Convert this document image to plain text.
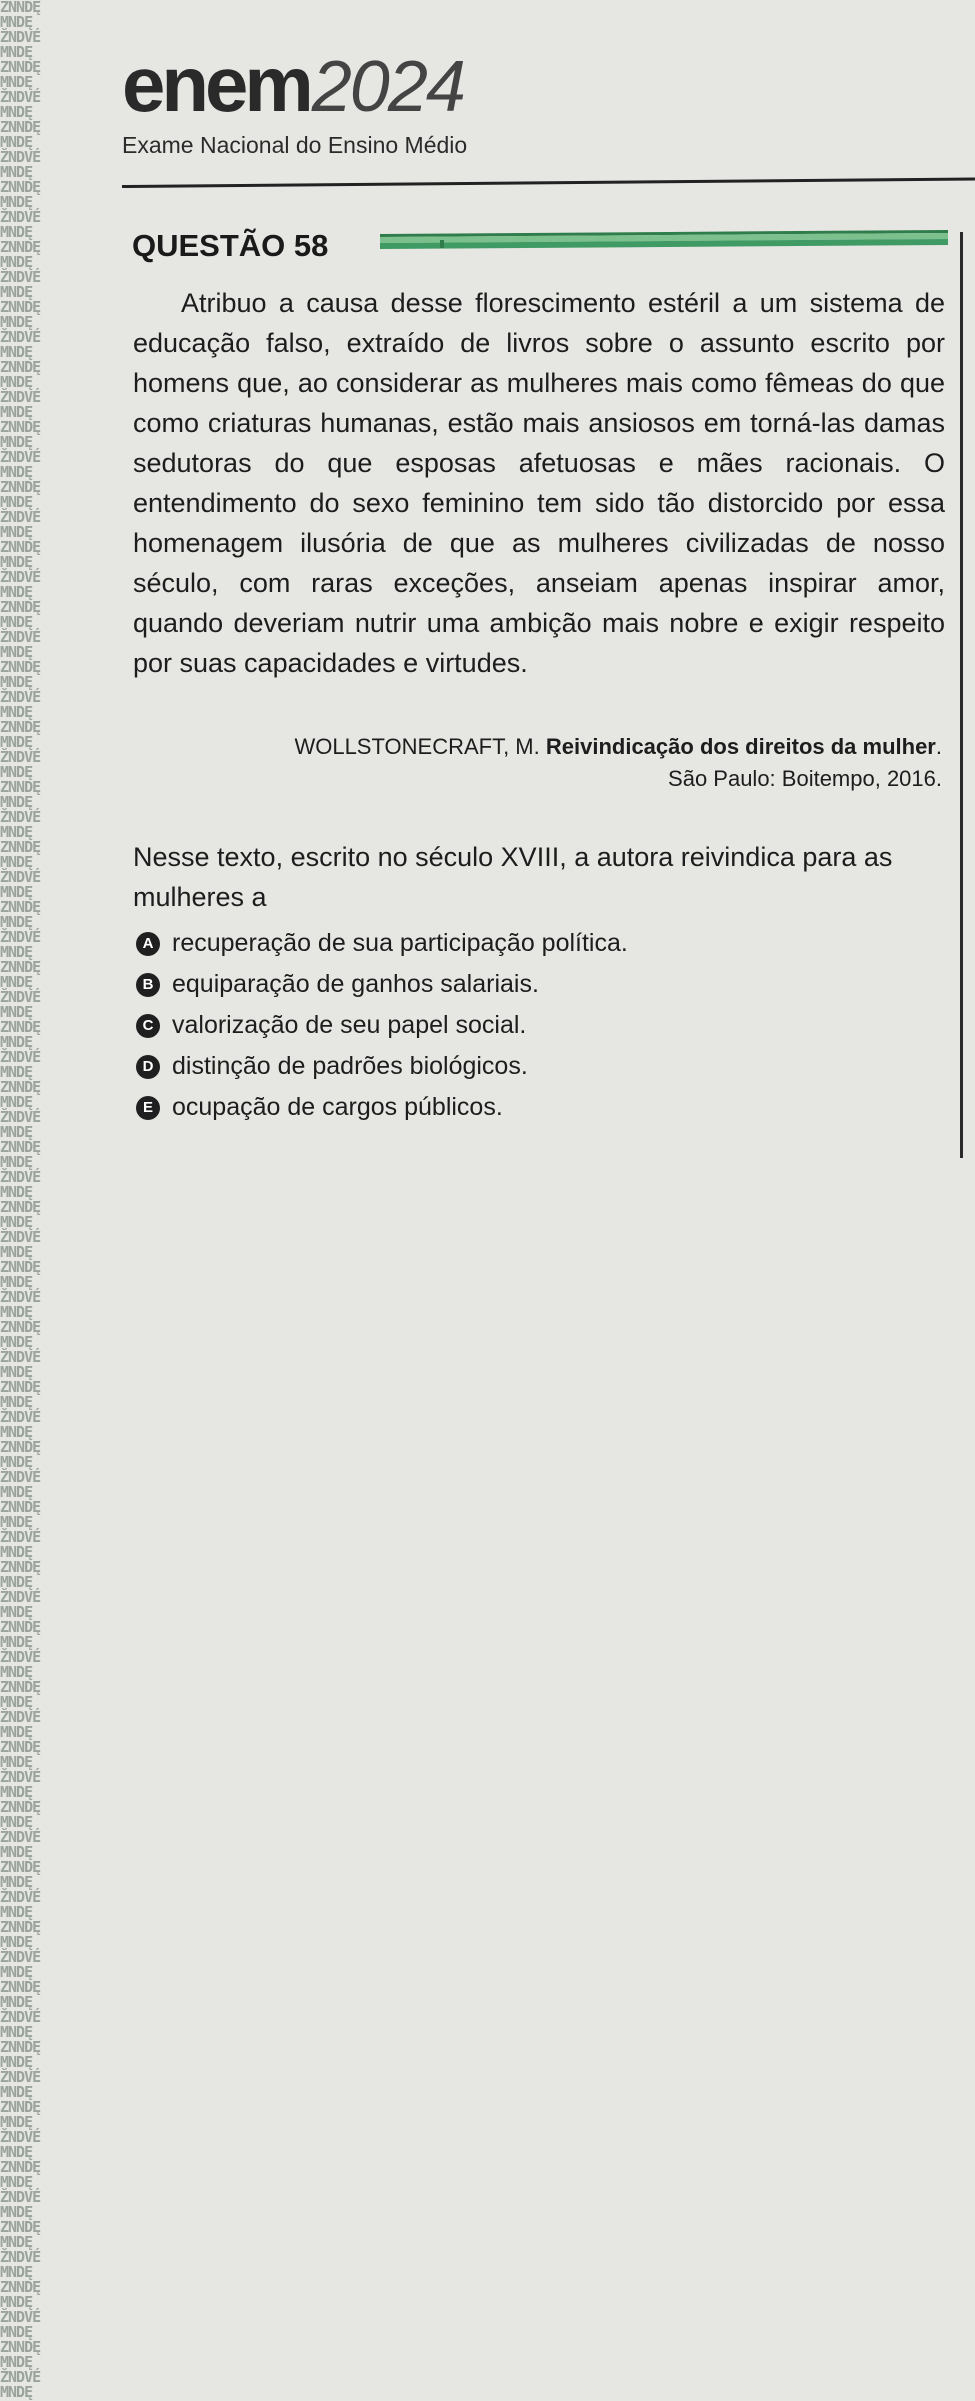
ZNNDĘMNDĘ
ŽNDVÉMNDĘ
ZNNDĘMNDĘ
ŽNDVÉMNDĘ
ZNNDĘMNDĘ
ŽNDVÉMNDĘ
ZNNDĘMNDĘ
ŽNDVÉMNDĘ
ZNNDĘMNDĘ
ŽNDVÉMNDĘ
ZNNDĘMNDĘ
ŽNDVÉMNDĘ
ZNNDĘMNDĘ
ŽNDVÉMNDĘ
ZNNDĘMNDĘ
ŽNDVÉMNDĘ
ZNNDĘMNDĘ
ŽNDVÉMNDĘ
ZNNDĘMNDĘ
ŽNDVÉMNDĘ
ZNNDĘMNDĘ
ŽNDVÉMNDĘ
ZNNDĘMNDĘ
ŽNDVÉMNDĘ
ZNNDĘMNDĘ
ŽNDVÉMNDĘ
ZNNDĘMNDĘ
ŽNDVÉMNDĘ
ZNNDĘMNDĘ
ŽNDVÉMNDĘ
ZNNDĘMNDĘ
ŽNDVÉMNDĘ
ZNNDĘMNDĘ
ŽNDVÉMNDĘ
ZNNDĘMNDĘ
ŽNDVÉMNDĘ
ZNNDĘMNDĘ
ŽNDVÉMNDĘ
ZNNDĘMNDĘ
ŽNDVÉMNDĘ
ZNNDĘMNDĘ
ŽNDVÉMNDĘ
ZNNDĘMNDĘ
ŽNDVÉMNDĘ
ZNNDĘMNDĘ
ŽNDVÉMNDĘ
ZNNDĘMNDĘ
ŽNDVÉMNDĘ
ZNNDĘMNDĘ
ŽNDVÉMNDĘ
ZNNDĘMNDĘ
ŽNDVÉMNDĘ
ZNNDĘMNDĘ
ŽNDVÉMNDĘ
ZNNDĘMNDĘ
ŽNDVÉMNDĘ
ZNNDĘMNDĘ
ŽNDVÉMNDĘ
ZNNDĘMNDĘ
ŽNDVÉMNDĘ
ZNNDĘMNDĘ
ŽNDVÉMNDĘ
ZNNDĘMNDĘ
ŽNDVÉMNDĘ
ZNNDĘMNDĘ
ŽNDVÉMNDĘ
ZNNDĘMNDĘ
ŽNDVÉMNDĘ
ZNNDĘMNDĘ
ŽNDVÉMNDĘ
ZNNDĘMNDĘ
ŽNDVÉMNDĘ
ZNNDĘMNDĘ
ŽNDVÉMNDĘ
ZNNDĘMNDĘ
ŽNDVÉMNDĘ
ZNNDĘMNDĘ
ŽNDVÉMNDĘ
ZNNDĘMNDĘ
ŽNDVÉMNDĘ
enem2024
Exame Nacional do Ensino Médio
QUESTÃO 58
Atribuo a causa desse florescimento estéril a um sistema de educação falso, extraído de livros sobre o assunto escrito por homens que, ao considerar as mulheres mais como fêmeas do que como criaturas humanas, estão mais ansiosos em torná-las damas sedutoras do que esposas afetuosas e mães racionais. O entendimento do sexo feminino tem sido tão distorcido por essa homenagem ilusória de que as mulheres civilizadas de nosso século, com raras exceções, anseiam apenas inspirar amor, quando deveriam nutrir uma ambição mais nobre e exigir respeito por suas capacidades e virtudes.
WOLLSTONECRAFT, M. Reivindicação dos direitos da mulher.
São Paulo: Boitempo, 2016.
Nesse texto, escrito no século XVIII, a autora reivindica para as mulheres a
A recuperação de sua participação política.
B equiparação de ganhos salariais.
C valorização de seu papel social.
D distinção de padrões biológicos.
E ocupação de cargos públicos.
